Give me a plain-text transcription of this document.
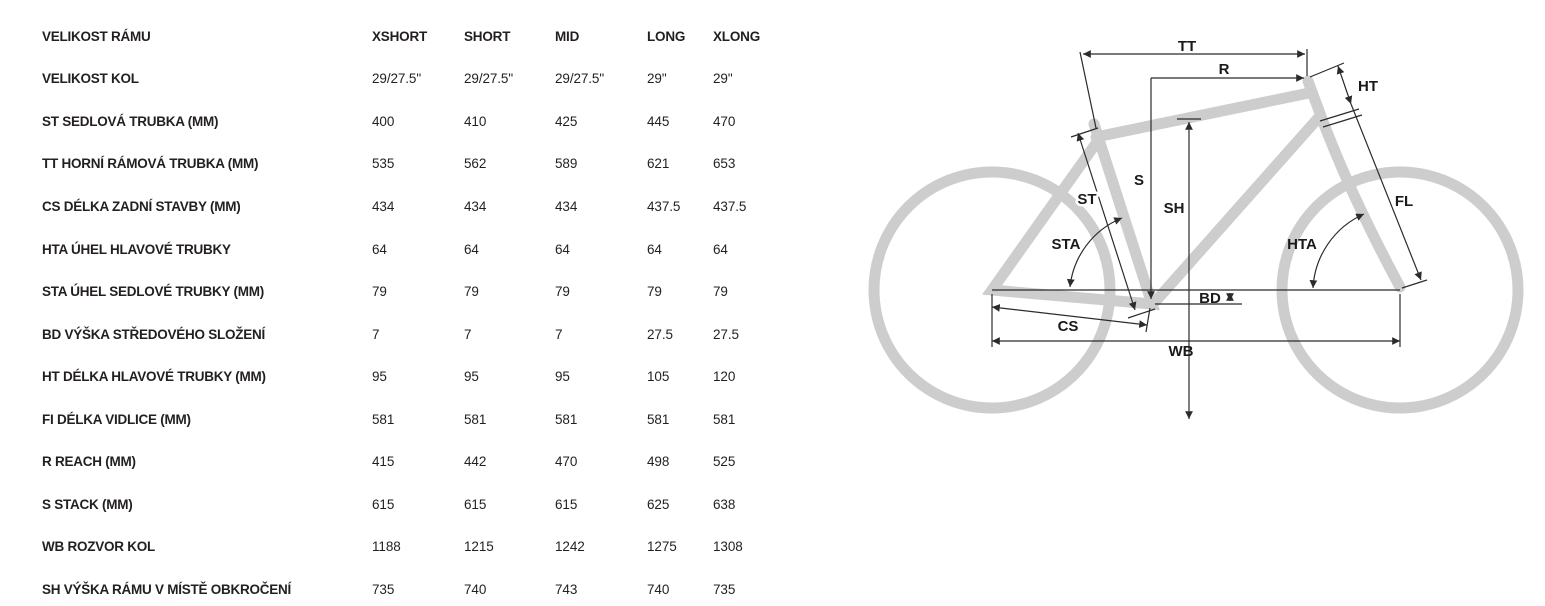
VELIKOST RÁMU	XSHORT	SHORT	MID	LONG	XLONG
VELIKOST KOL	29/27.5"	29/27.5"	29/27.5"	29"	29"
ST SEDLOVÁ TRUBKA (MM)	400	410	425	445	470
TT HORNÍ RÁMOVÁ TRUBKA (MM)	535	562	589	621	653
CS DÉLKA ZADNÍ STAVBY (MM)	434	434	434	437.5	437.5
HTA ÚHEL HLAVOVÉ TRUBKY	64	64	64	64	64
STA ÚHEL SEDLOVÉ TRUBKY (MM)	79	79	79	79	79
BD VÝŠKA STŘEDOVÉHO SLOŽENÍ	7	7	7	27.5	27.5
HT DÉLKA HLAVOVÉ TRUBKY (MM)	95	95	95	105	120
FI DÉLKA VIDLICE (MM)	581	581	581	581	581
R REACH (MM)	415	442	470	498	525
S STACK (MM)	615	615	615	625	638
WB ROZVOR KOL	1188	1215	1242	1275	1308
SH VÝŠKA RÁMU V MÍSTĚ OBKROČENÍ	735	740	743	740	735
TT
R
HT
FL
ST
S
SH
STA	HTA
BD
CS
WB
